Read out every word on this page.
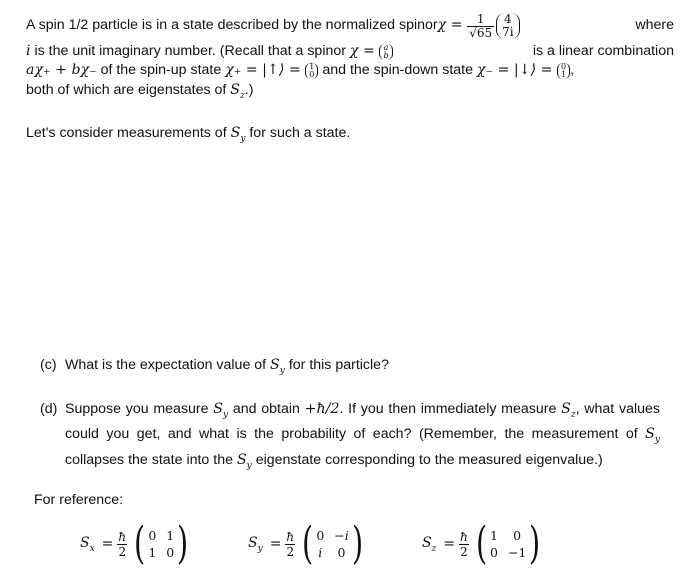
A spin 1/2 particle is in a state described by the normalized spinor $\chi = \frac{1}{√65} 4$
7i	where
i is the unit imaginary number. (Recall that a spinor χ = a
b	is a linear combination
aχ₊ + bχ₋ of the spin-up state χ₊ = |↑⟩ = 1
0 and the spin-down state χ₋ = |↓⟩ = 0
1 ,
both of which are eigenstates of $S_z$.)
Let's consider measurements of $S_y$ for such a state.
(c) What is the expectation value of $S_y$ for this particle?
(d) Suppose you measure $S_y$ and obtain +ħ/2. If you then immediately measure $S_z$, what values could you get, and what is the probability of each? (Remember, the measurement of $S_y$ collapses the state into the $S_y$ eigenstate corresponding to the measured eigenvalue.)
For reference:
$S_x = \frac{ħ}{2}$ ( 0 1
1 0 )	$S_y = \frac{ħ}{2}$ ( 0 −i
i 0 )	$S_z = \frac{ħ}{2}$ ( 1	0
0 −1 )
